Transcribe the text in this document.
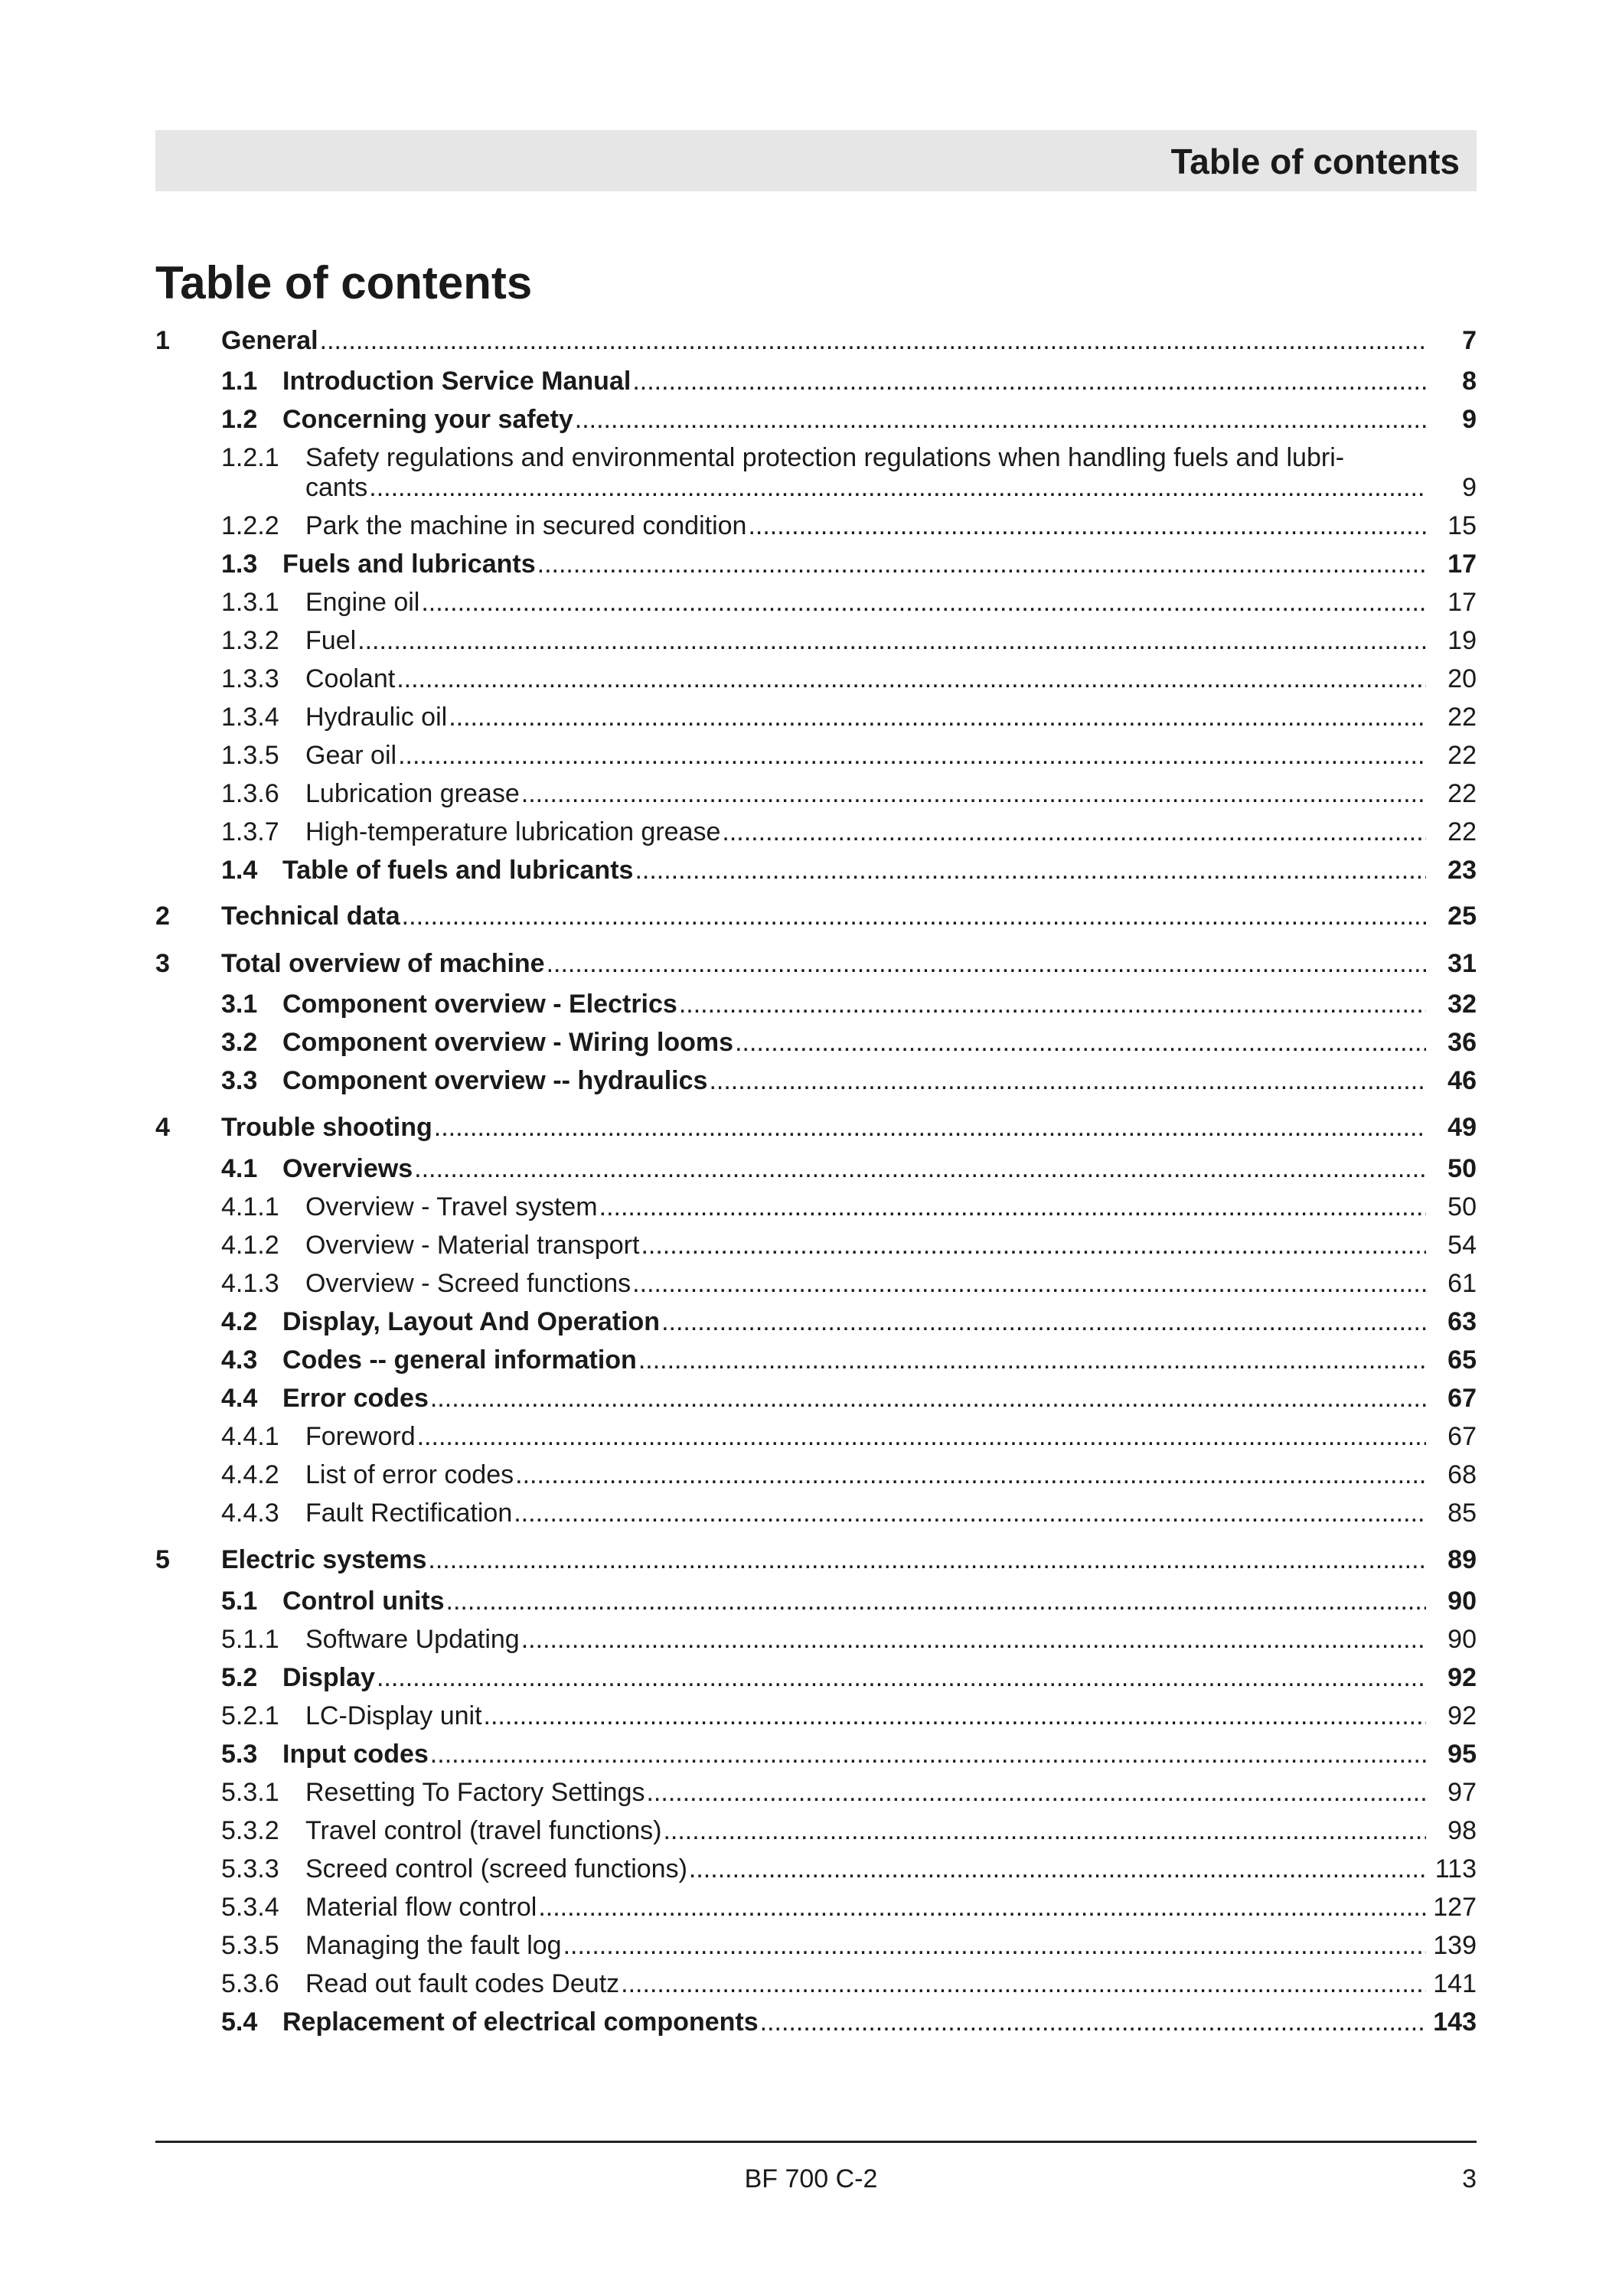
Table of contents
Table of contents
1 General .....	7
1.1 Introduction Service Manual .....	8
1.2 Concerning your safety .....	9
1.2.1 Safety regulations and environmental protection regulations when handling fuels and lubri-
cants .....	9
1.2.2 Park the machine in secured condition .....	15
1.3 Fuels and lubricants .....	17
1.3.1 Engine oil .....	17
1.3.2 Fuel .....	19
1.3.3 Coolant .....	20
1.3.4 Hydraulic oil .....	22
1.3.5 Gear oil .....	22
1.3.6 Lubrication grease .....	22
1.3.7 High-temperature lubrication grease .....	22
1.4 Table of fuels and lubricants .....	23
2 Technical data .....	25
3 Total overview of machine .....	31
3.1 Component overview - Electrics .....	32
3.2 Component overview - Wiring looms .....	36
3.3 Component overview -- hydraulics .....	46
4 Trouble shooting .....	49
4.1 Overviews .....	50
4.1.1 Overview - Travel system .....	50
4.1.2 Overview - Material transport .....	54
4.1.3 Overview - Screed functions .....	61
4.2 Display, Layout And Operation .....	63
4.3 Codes -- general information .....	65
4.4 Error codes .....	67
4.4.1 Foreword .....	67
4.4.2 List of error codes .....	68
4.4.3 Fault Rectification .....	85
5 Electric systems .....	89
5.1 Control units .....	90
5.1.1 Software Updating .....	90
5.2 Display .....	92
5.2.1 LC-Display unit .....	92
5.3 Input codes .....	95
5.3.1 Resetting To Factory Settings .....	97
5.3.2 Travel control (travel functions) .....	98
5.3.3 Screed control (screed functions) .....	113
5.3.4 Material flow control .....	127
5.3.5 Managing the fault log .....	139
5.3.6 Read out fault codes Deutz .....	141
5.4 Replacement of electrical components .....	143
BF 700 C-2	3
